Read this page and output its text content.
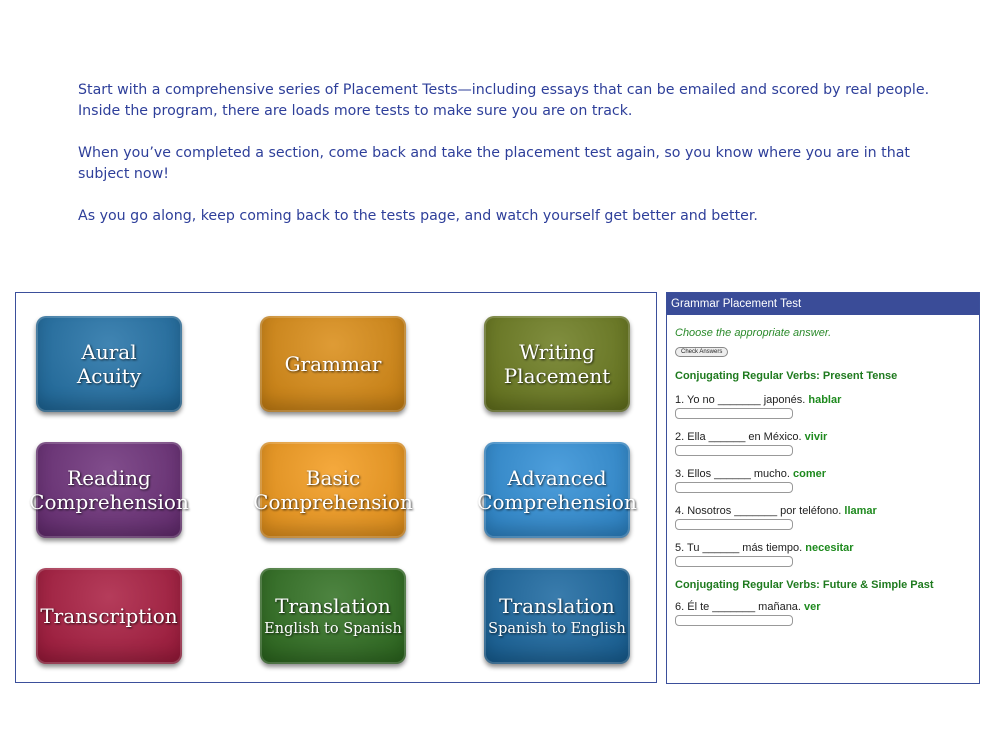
Start with a comprehensive series of Placement Tests—including essays that can be emailed and scored by real people. Inside the program, there are loads more tests to make sure you are on track.

When you’ve completed a section, come back and take the placement test again, so you know where you are in that subject now!

As you go along, keep coming back to the tests page, and watch yourself get better and better.

Aural
Acuity	Grammar	Writing
Placement
Reading
Comprehension
Basic
Comprehension
Advanced
Comprehension
Transcription	Translation
English to Spanish
Translation
Spanish to English
Grammar Placement Test
Choose the appropriate answer.
Check Answers
Conjugating Regular Verbs: Present Tense
1. Yo no _______ japonés. hablar
2. Ella ______ en México. vivir
3. Ellos ______ mucho. comer
4. Nosotros _______ por teléfono. llamar
5. Tu ______ más tiempo. necesitar
Conjugating Regular Verbs: Future & Simple Past
6. Él te _______ mañana. ver
